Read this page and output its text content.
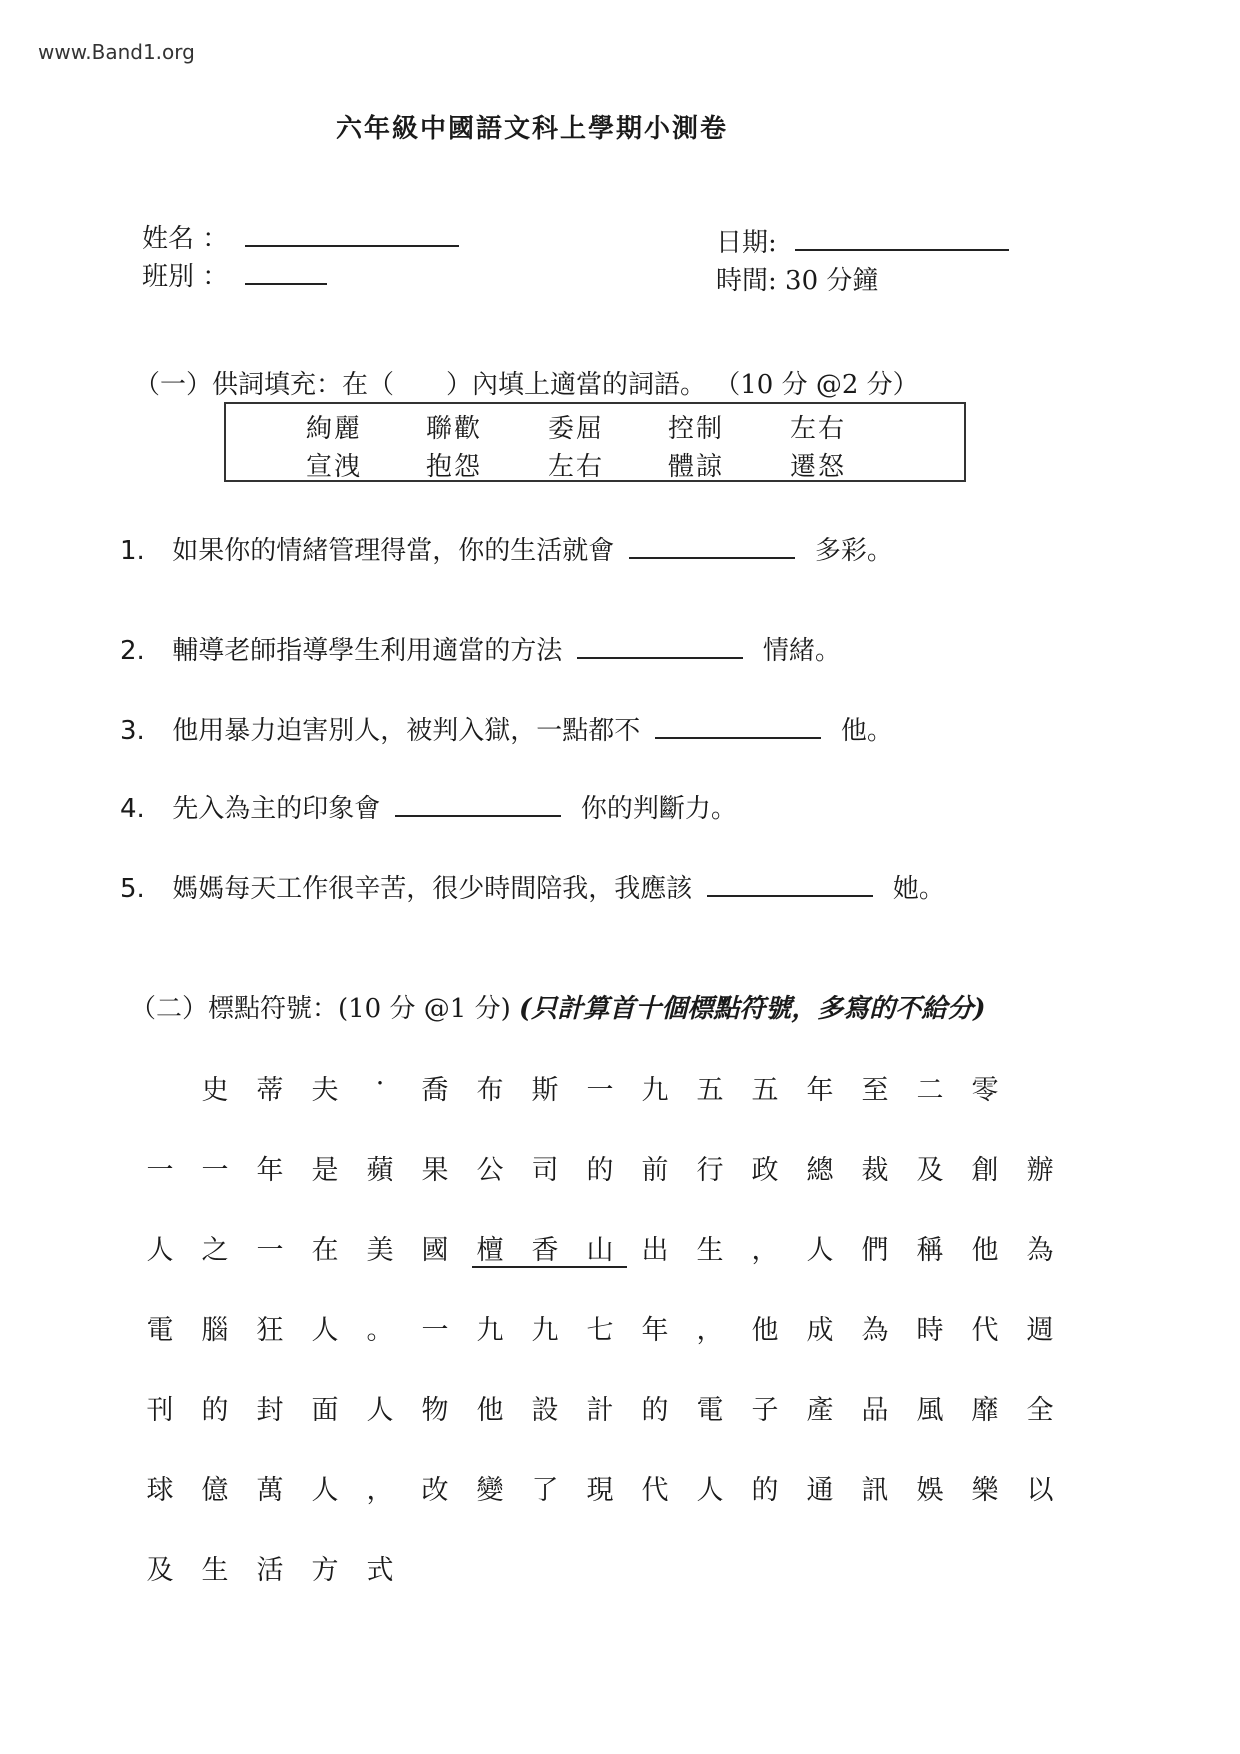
www.Band1.org
六年級中國語文科上學期小測卷
姓名 ：
班別 ：
日期:
時間: 30 分鐘
（一）供詞填充：在（　　）內填上適當的詞語。 （10 分 @2 分）
絢麗 聯歡	委屈 控制	左右
宣洩 抱怨	左右 體諒	遷怒
1. 如果你的情緒管理得當，你的生活就會	多彩。
2. 輔導老師指導學生利用適當的方法	情緒。
3. 他用暴力迫害別人，被判入獄，一點都不	他。
4. 先入為主的印象會	你的判斷力。
5. 媽媽每天工作很辛苦，很少時間陪我，我應該	她。
（二）標點符號：(10 分 @1 分) (只計算首十個標點符號，多寫的不給分)

史 蒂 夫	·	喬 布 斯 一 九 五 五 年 至 二 零
一 一 年 是 蘋 果 公 司 的 前 行 政 總 裁 及 創 辦
人 之 一 在 美 國 檀 香 山 出 生 ， 人 們 稱 他 為
電 腦 狂 人 。 一 九 九 七 年 ， 他 成 為 時 代 週
刊 的 封 面 人 物 他 設 計 的 電 子 產 品 風 靡 全
球 億 萬 人 ， 改 變 了 現 代 人 的 通 訊 娛 樂 以
及 生 活 方 式
